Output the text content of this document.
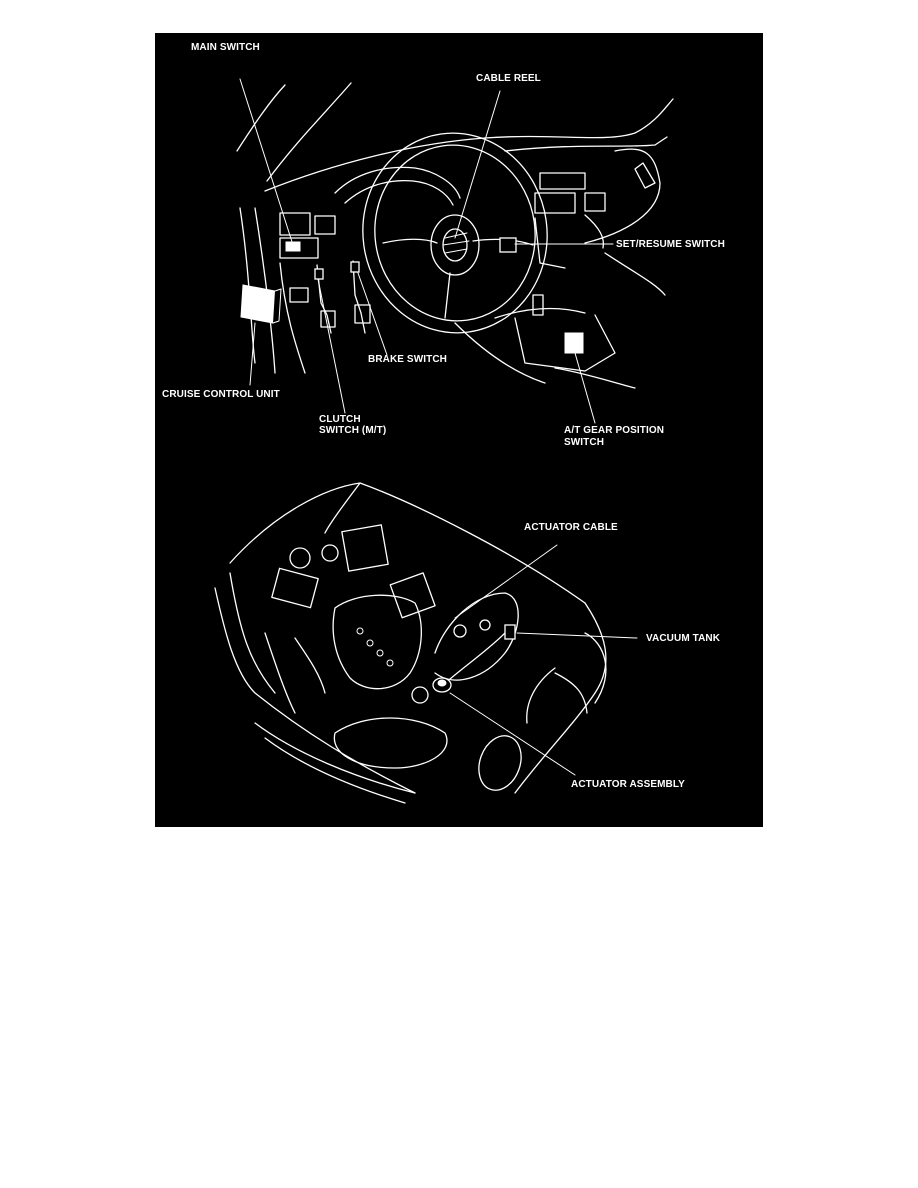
MAIN SWITCH
CABLE REEL
SET/RESUME SWITCH
BRAKE SWITCH
CRUISE CONTROL UNIT
CLUTCH
SWITCH (M/T)	A/T GEAR POSITION
SWITCH
ACTUATOR CABLE
VACUUM TANK
ACTUATOR ASSEMBLY
